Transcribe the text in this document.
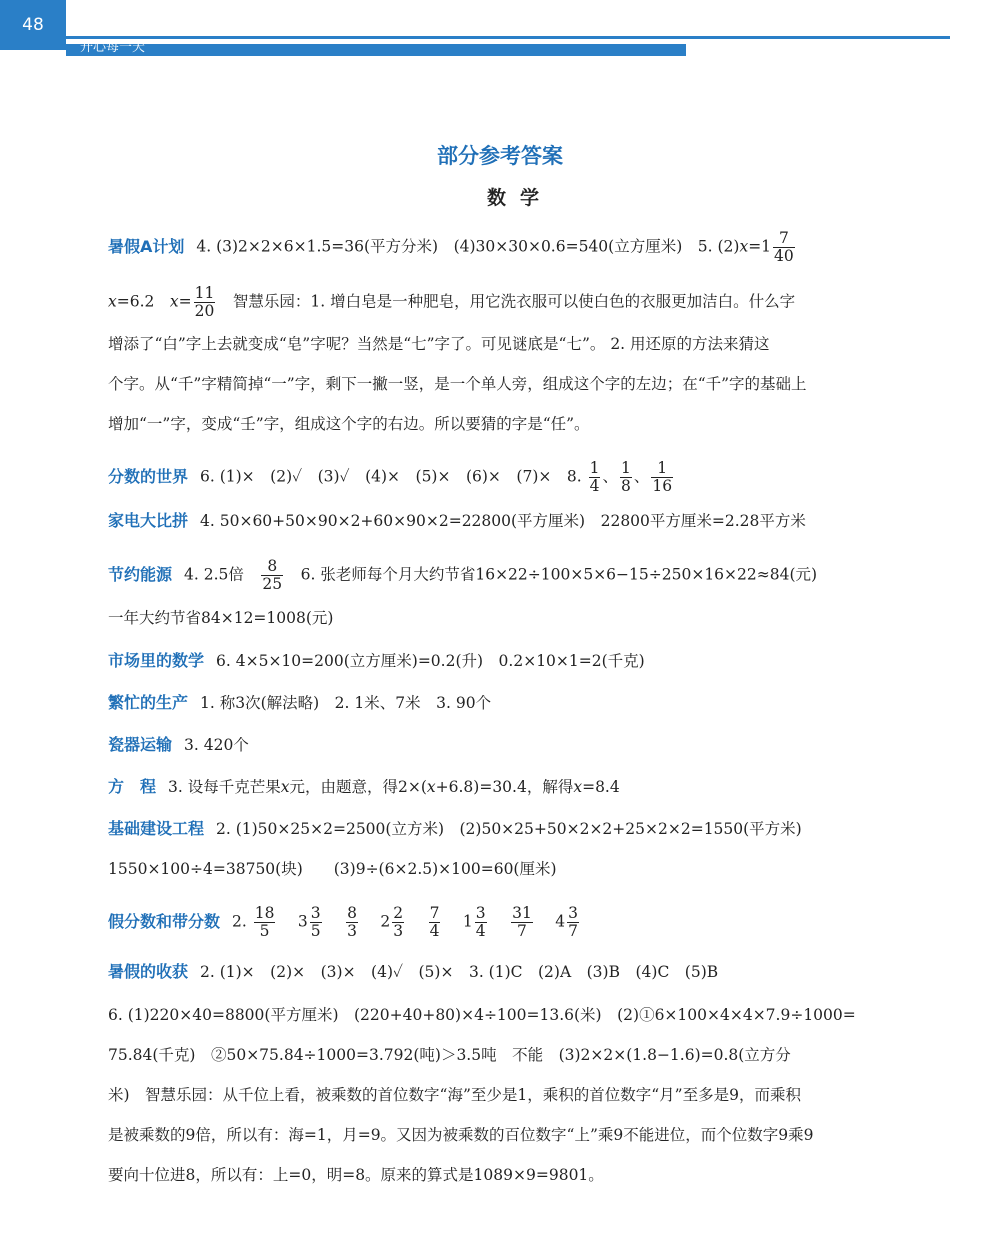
48
开心每一天
部分参考答案
数学
暑假A计划 4. (3)2×2×6×1.5=36(平方分米)　(4)30×30×0.6=540(立方厘米)　5. $(2)x=1 \frac{7}{40}$
x=6.2　$x= \frac{11}{20}$ 　智慧乐园：1. 增白皂是一种肥皂，用它洗衣服可以使白色的衣服更加洁白。什么字
增添了“白”字上去就变成“皂”字呢？当然是“七”字了。可见谜底是“七”。 2. 用还原的方法来猜这
个字。从“千”字精简掉“一”字，剩下一撇一竖，是一个单人旁，组成这个字的左边；在“千”字的基础上
增加“一”字，变成“壬”字，组成这个字的右边。所以要猜的字是“任”。
分数的世界 6. (1)×　(2)✓　(3)✓　(4)×　(5)×　(6)×　(7)×　8. $\frac{1}{4}$ 、 $\frac{1}{8}$ 、 $\frac{1}{16}$
家电大比拼 4. 50×60+50×90×2+60×90×2=22800(平方厘米)　22800平方厘米=2.28平方米
节约能源 4. 2.5倍　 $\frac{8}{25}$ 　6. 张老师每个月大约节省16×22÷100×5×6−15÷250×16×22≈84(元)
一年大约节省84×12=1008(元)
市场里的数学 6. 4×5×10=200(立方厘米)=0.2(升)　0.2×10×1=2(千克)
繁忙的生产 1. 称3次(解法略)　2. 1米、7米　3. 90个
瓷器运输 3. 420个
方　程 3. 设每千克芒果x元，由题意，得2×(x+6.8)=30.4，解得x=8.4
基础建设工程 2. (1)50×25×2=2500(立方米)　(2)50×25+50×2×2+25×2×2=1550(平方米)
1550×100÷4=38750(块)　　(3)9÷(6×2.5)×100=60(厘米)
假分数和带分数 2. $\frac{18}{5}$
  $3 \frac{3}{5}$
  $\frac{8}{3}$
  $2 \frac{2}{3}$
  $\frac{7}{4}$
  $1 \frac{3}{4}$
  $\frac{31}{7}$
  $4 \frac{3}{7}$
暑假的收获 2. (1)×　(2)×　(3)×　(4)✓　(5)×　3. (1)C　(2)A　(3)B　(4)C　(5)B
6. (1)220×40=8800(平方厘米)　(220+40+80)×4÷100=13.6(米)　(2)①6×100×4×4×7.9÷1000=
75.84(千克)　②50×75.84÷1000=3.792(吨)＞3.5吨　不能　(3)2×2×(1.8−1.6)=0.8(立方分
米)　智慧乐园：从千位上看，被乘数的首位数字“海”至少是1，乘积的首位数字“月”至多是9，而乘积
是被乘数的9倍，所以有：海=1，月=9。又因为被乘数的百位数字“上”乘9不能进位，而个位数字9乘9
要向十位进8，所以有：上=0，明=8。原来的算式是1089×9=9801。
